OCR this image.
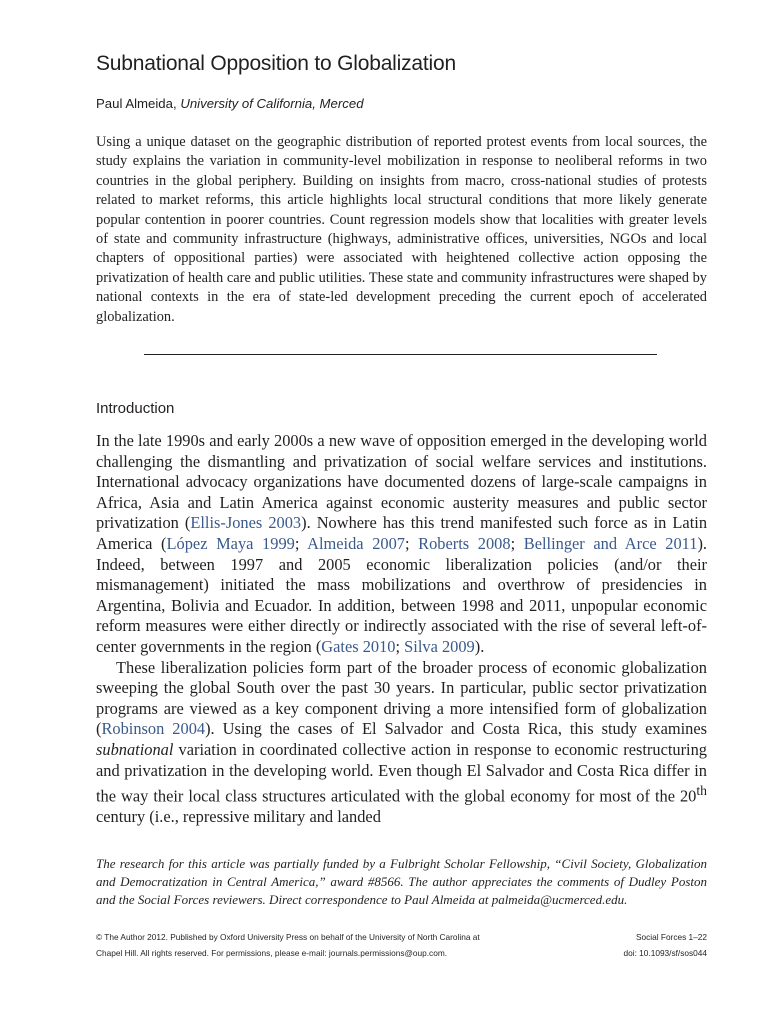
Subnational Opposition to Globalization
Paul Almeida, University of California, Merced

Using a unique dataset on the geographic distribution of reported protest events from local sources, the study explains the variation in community-level mobilization in response to neoliberal reforms in two countries in the global periphery. Building on insights from macro, cross-national studies of protests related to market reforms, this article highlights local structural conditions that more likely generate popular contention in poorer countries. Count regression models show that localities with greater levels of state and community infrastructure (highways, administrative offices, universities, NGOs and local chapters of oppositional parties) were associated with heightened collective action opposing the privatization of health care and public utilities. These state and community infrastructures were shaped by national contexts in the era of state-led development preceding the current epoch of accelerated globalization.

Introduction

In the late 1990s and early 2000s a new wave of opposition emerged in the developing world challenging the dismantling and privatization of social welfare services and institutions. International advocacy organizations have documented dozens of large-scale campaigns in Africa, Asia and Latin America against economic austerity measures and public sector privatization (Ellis-Jones 2003). Nowhere has this trend manifested such force as in Latin America (López Maya 1999; Almeida 2007; Roberts 2008; Bellinger and Arce 2011). Indeed, between 1997 and 2005 economic liberalization policies (and/or their mismanagement) initiated the mass mobilizations and overthrow of presidencies in Argentina, Bolivia and Ecuador. In addition, between 1998 and 2011, unpopular economic reform measures were either directly or indirectly associated with the rise of several left-of-center governments in the region (Gates 2010; Silva 2009).

These liberalization policies form part of the broader process of economic globalization sweeping the global South over the past 30 years. In particular, public sector privatization programs are viewed as a key component driving a more intensified form of globalization (Robinson 2004). Using the cases of El Salvador and Costa Rica, this study examines subnational variation in coordinated collective action in response to economic restructuring and privatization in the developing world. Even though El Salvador and Costa Rica differ in the way their local class structures articulated with the global economy for most of the 20th century (i.e., repressive military and landed

The research for this article was partially funded by a Fulbright Scholar Fellowship, “Civil Society, Globalization and Democratization in Central America,” award #8566. The author appreciates the comments of Dudley Poston and the Social Forces reviewers. Direct correspondence to Paul Almeida at palmeida@ucmerced.edu.

© The Author 2012. Published by Oxford University Press on behalf of the University of North Carolina at
Chapel Hill. All rights reserved. For permissions, please e-mail: journals.permissions@oup.com.
Social Forces 1–22
doi: 10.1093/sf/sos044
